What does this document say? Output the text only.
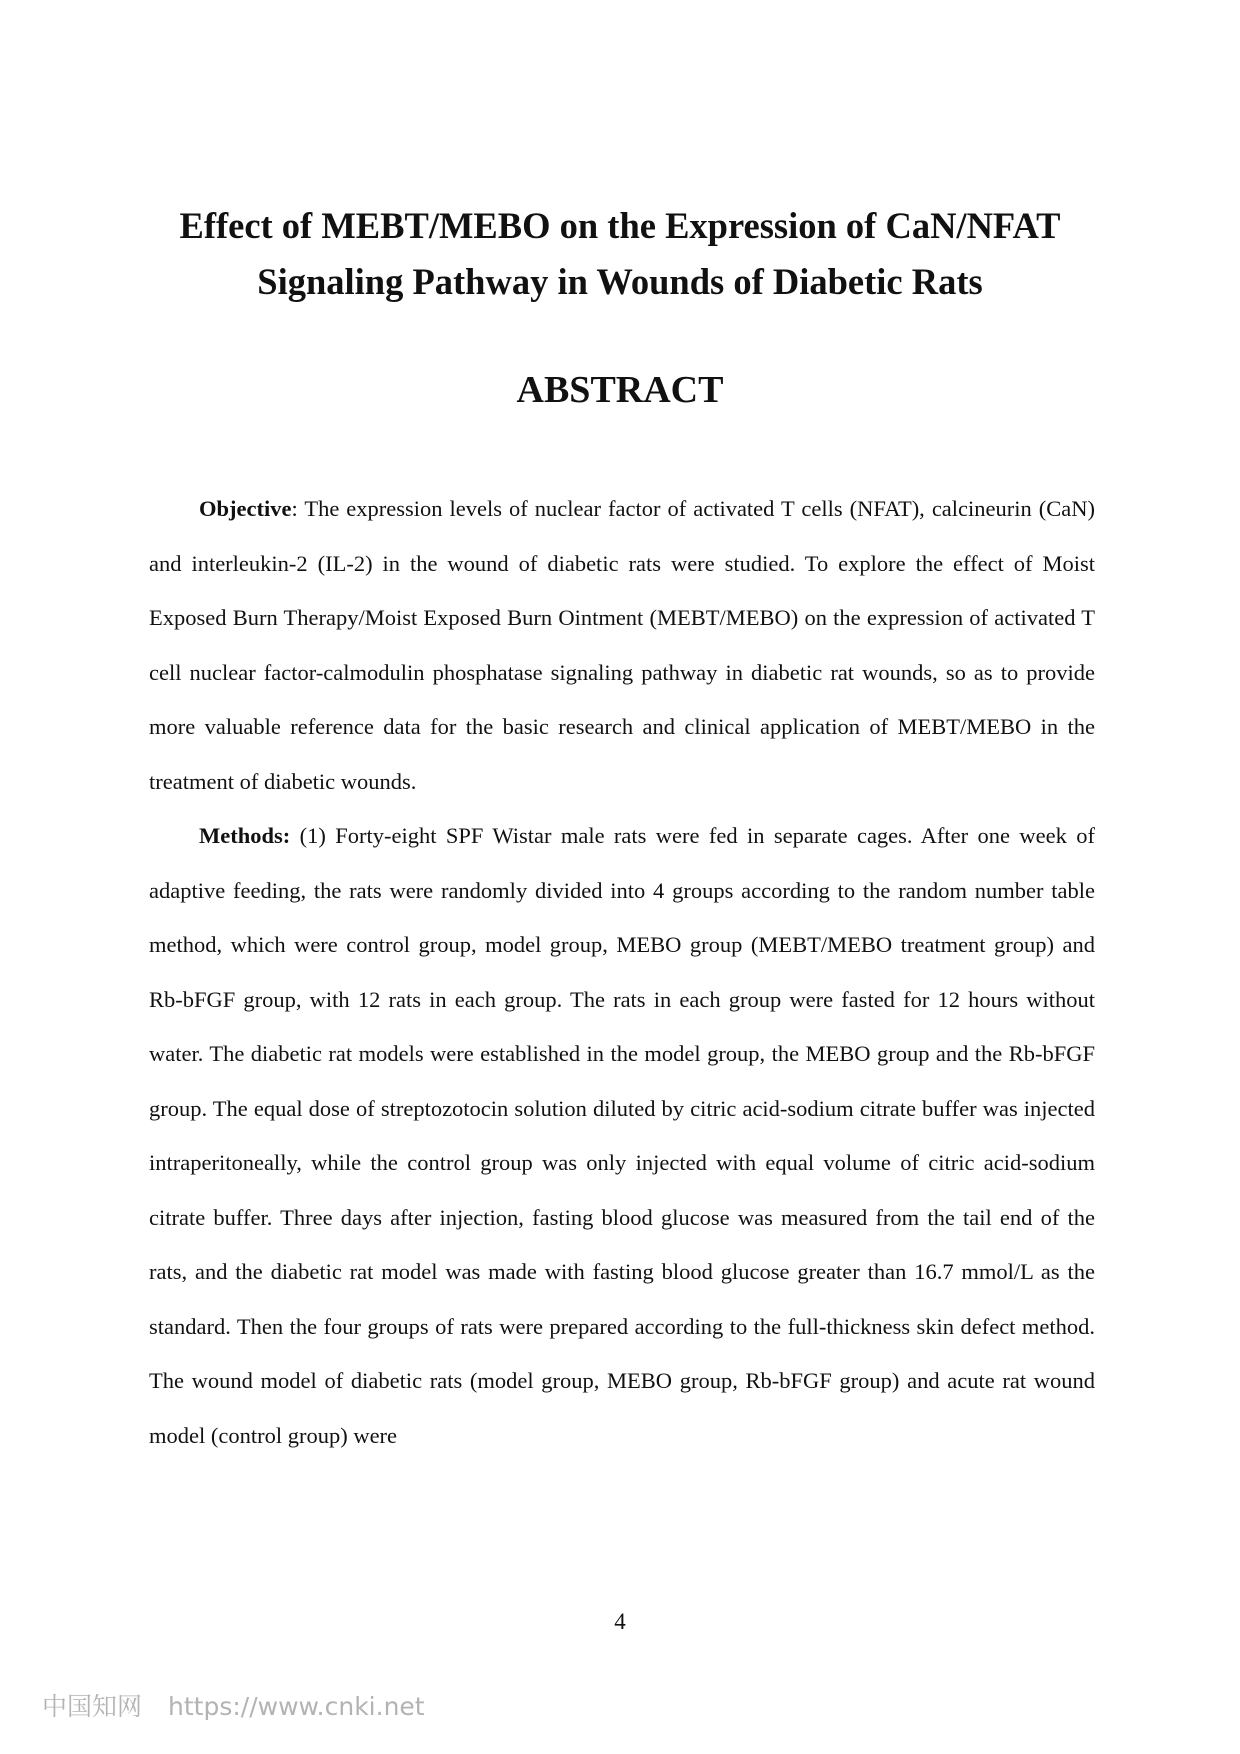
Effect of MEBT/MEBO on the Expression of CaN/NFAT
Signaling Pathway in Wounds of Diabetic Rats
ABSTRACT

Objective: The expression levels of nuclear factor of activated T cells (NFAT), calcineurin (CaN) and interleukin-2 (IL-2) in the wound of diabetic rats were studied. To explore the effect of Moist Exposed Burn Therapy/Moist Exposed Burn Ointment (MEBT/MEBO) on the expression of activated T cell nuclear factor-calmodulin phosphatase signaling pathway in diabetic rat wounds, so as to provide more valuable reference data for the basic research and clinical application of MEBT/MEBO in the treatment of diabetic wounds.

Methods: (1) Forty-eight SPF Wistar male rats were fed in separate cages. After one week of adaptive feeding, the rats were randomly divided into 4 groups according to the random number table method, which were control group, model group, MEBO group (MEBT/MEBO treatment group) and Rb-bFGF group, with 12 rats in each group. The rats in each group were fasted for 12 hours without water. The diabetic rat models were established in the model group, the MEBO group and the Rb-bFGF group. The equal dose of streptozotocin solution diluted by citric acid-sodium citrate buffer was injected intraperitoneally, while the control group was only injected with equal volume of citric acid-sodium citrate buffer. Three days after injection, fasting blood glucose was measured from the tail end of the rats, and the diabetic rat model was made with fasting blood glucose greater than 16.7 mmol/L as the standard. Then the four groups of rats were prepared according to the full-thickness skin defect method. The wound model of diabetic rats (model group, MEBO group, Rb-bFGF group) and acute rat wound model (control group) were

4
中国知网 https://www.cnki.net
